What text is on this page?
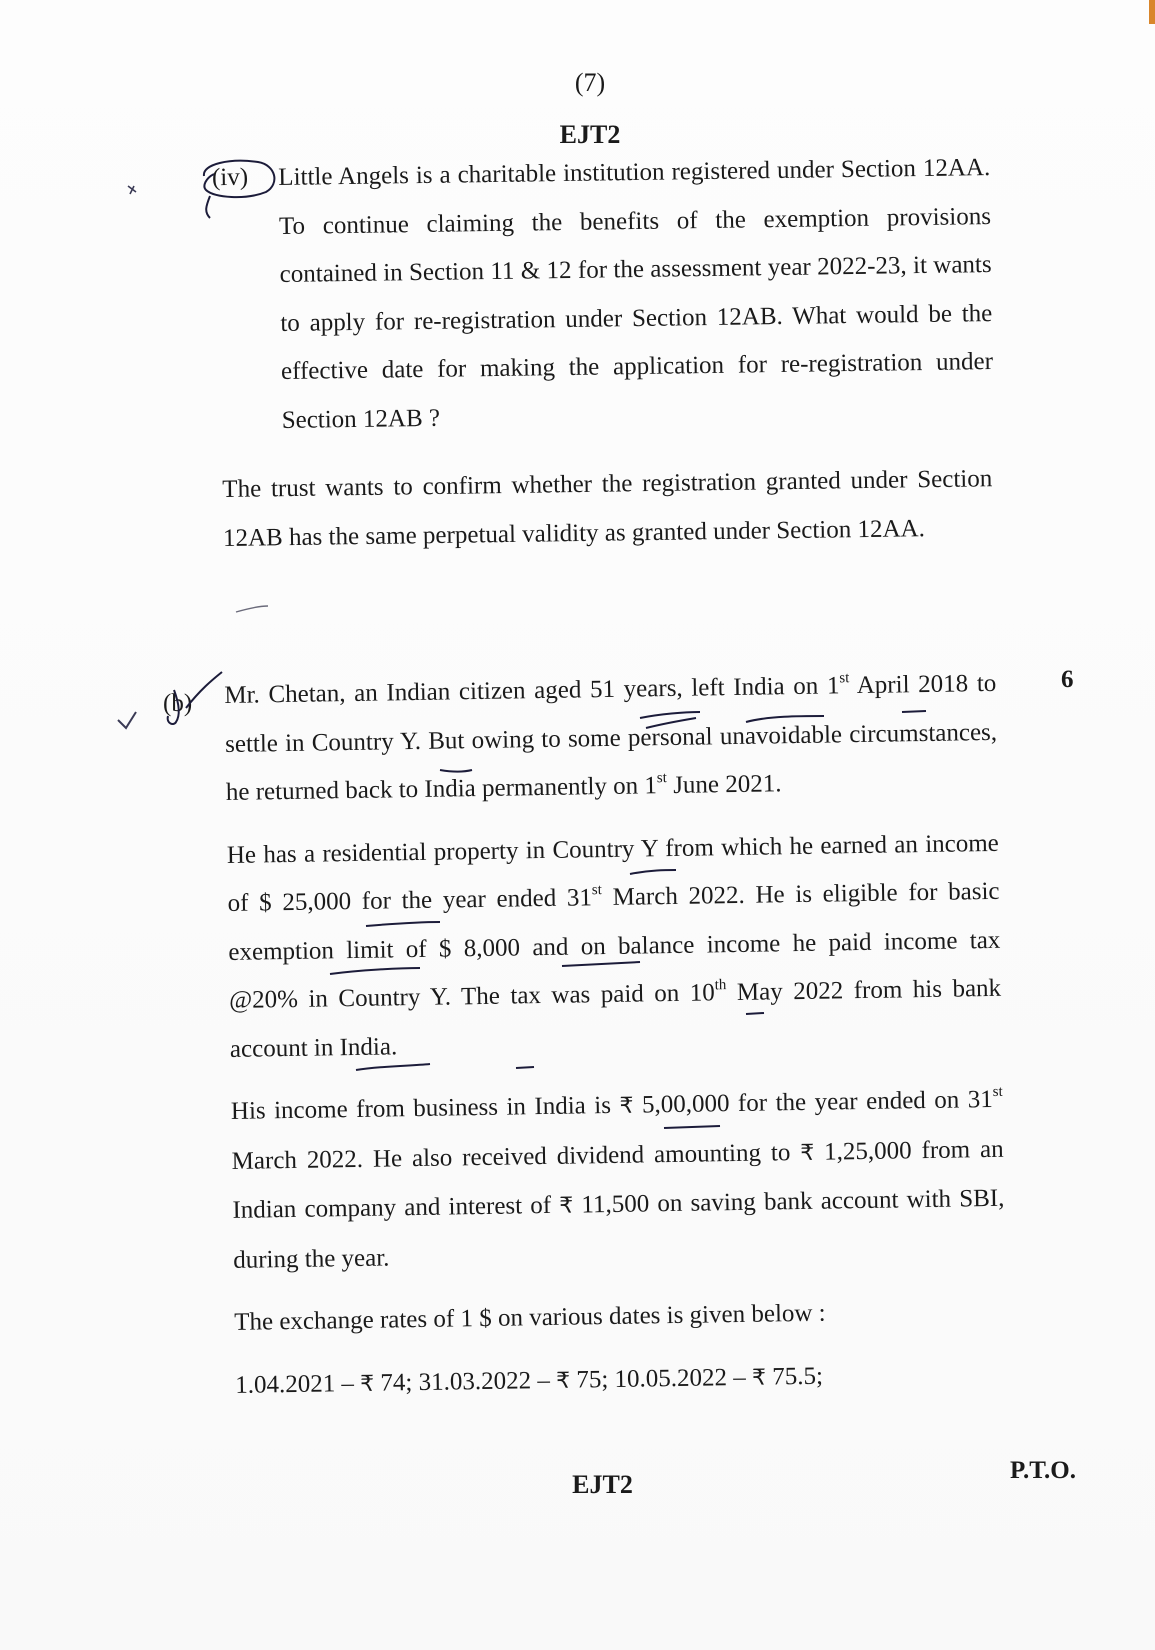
(7)
EJT2
(iv) Little Angels is a charitable institution registered under Section 12AA. To continue claiming the benefits of the exemption provisions contained in Section 11 & 12 for the assessment year 2022-23, it wants to apply for re-registration under Section 12AB. What would be the effective date for making the application for re-registration under Section 12AB ?
The trust wants to confirm whether the registration granted under Section 12AB has the same perpetual validity as granted under Section 12AA.
(b)
6

Mr. Chetan, an Indian citizen aged 51 years, left India on 1st April 2018 to settle in Country Y. But owing to some personal unavoidable circumstances, he returned back to India permanently on 1st June 2021.

He has a residential property in Country Y from which he earned an income of $ 25,000 for the year ended 31st March 2022. He is eligible for basic exemption limit of $ 8,000 and on balance income he paid income tax @20% in Country Y. The tax was paid on 10th May 2022 from his bank account in India.

His income from business in India is ₹ 5,00,000 for the year ended on 31st March 2022. He also received dividend amounting to ₹ 1,25,000 from an Indian company and interest of ₹ 11,500 on saving bank account with SBI, during the year.

The exchange rates of 1 $ on various dates is given below :

1.04.2021 – ₹ 74; 31.03.2022 – ₹ 75; 10.05.2022 – ₹ 75.5;

EJT2	P.T.O.
